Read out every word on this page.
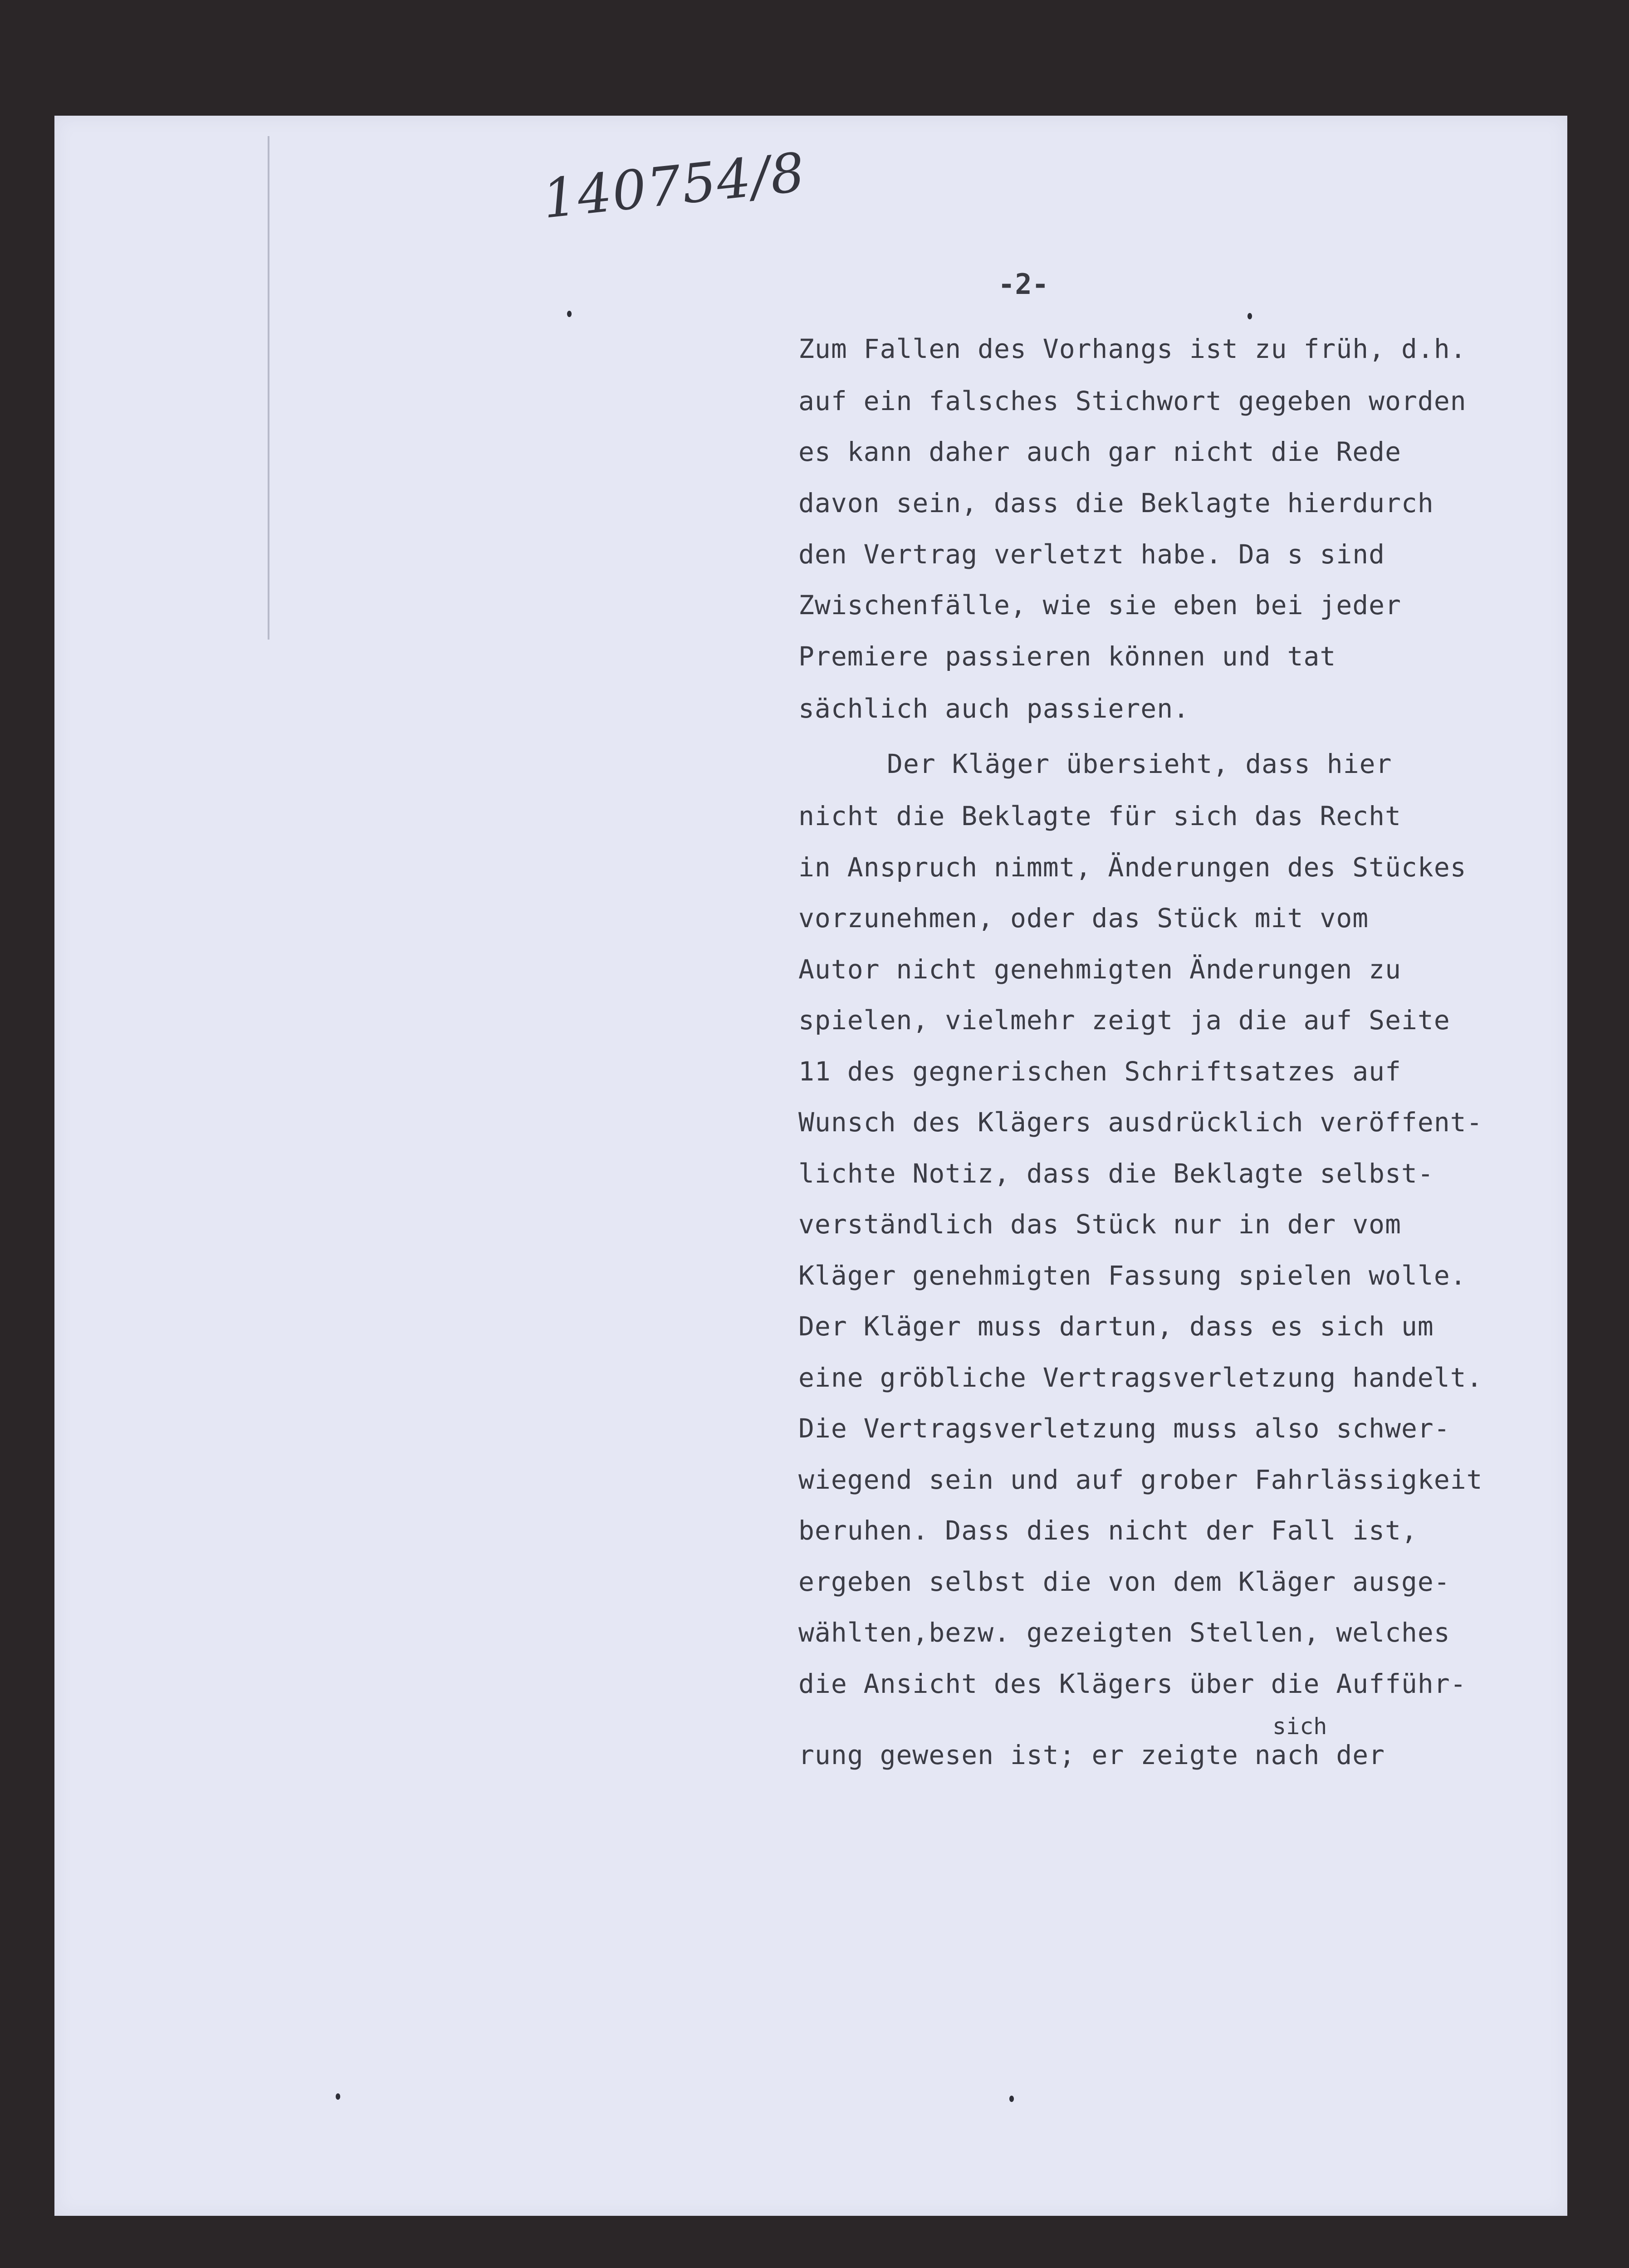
140754/8
-2-
Zum Fallen des Vorhangs ist zu früh, d.h.
auf ein falsches Stichwort gegeben worden
es kann daher auch gar nicht die Rede
davon sein, dass die Beklagte hierdurch
den Vertrag verletzt habe. Da s sind
Zwischenfälle, wie sie eben bei jeder
Premiere passieren können und tat
sächlich auch passieren.
Der Kläger übersieht, dass hier
nicht die Beklagte für sich das Recht
in Anspruch nimmt, Änderungen des Stückes
vorzunehmen, oder das Stück mit vom
Autor nicht genehmigten Änderungen zu
spielen, vielmehr zeigt ja die auf Seite
11 des gegnerischen Schriftsatzes auf
Wunsch des Klägers ausdrücklich veröffent-
lichte Notiz, dass die Beklagte selbst-
verständlich das Stück nur in der vom
Kläger genehmigten Fassung spielen wolle.
Der Kläger muss dartun, dass es sich um
eine gröbliche Vertragsverletzung handelt.
Die Vertragsverletzung muss also schwer-
wiegend sein und auf grober Fahrlässigkeit
beruhen. Dass dies nicht der Fall ist,
ergeben selbst die von dem Kläger ausge-
wählten,bezw. gezeigten Stellen, welches
die Ansicht des Klägers über die Aufführ-
sich
rung gewesen ist; er zeigte nach der
